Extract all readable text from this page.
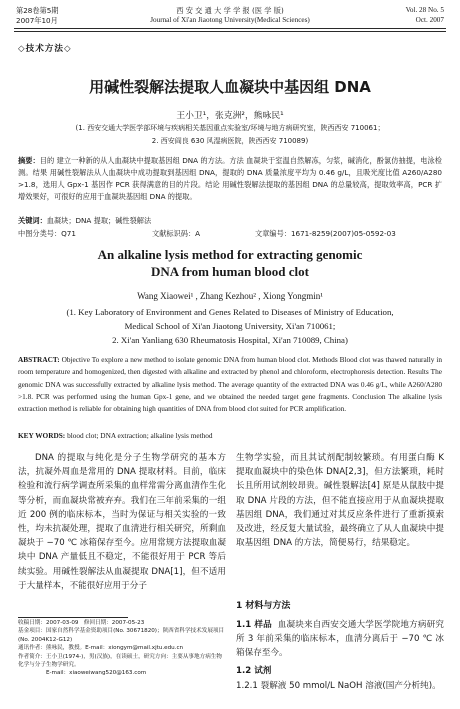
第28卷第5期
2007年10月
西 安 交 通 大 学 学 报 (医 学 版)
Journal of Xi'an Jiaotong University(Medical Sciences)
Vol. 28 No. 5
Oct. 2007
◇技术方法◇
用碱性裂解法提取人血凝块中基因组 DNA
王小卫¹，张克洲²，熊咏民¹
(1. 西安交通大学医学部环境与疾病相关基因重点实验室/环境与地方病研究室，陕西西安 710061；
2. 西安阎良 630 风湿病医院，陕西西安 710089)
摘要：目的 建立一种新的从人血凝块中提取基因组 DNA 的方法。方法 血凝块于室温自然解冻，匀浆，碱消化，酚氯仿抽提，电泳检测。结果 用碱性裂解法从人血凝块中成功提取到基因组 DNA，提取的 DNA 质量浓度平均为 0.46 g/L，且吸光度比值 A260/A280 >1.8，选用人 Gpx-1 基因作 PCR 获得满意的目的片段。结论 用碱性裂解法提取的基因组 DNA 的总量较高，提取效率高，PCR 扩增效果好，可很好的应用于血凝块基因组 DNA 的提取。
关键词：血凝块；DNA 提取；碱性裂解法
中图分类号：Q71	文献标识码：A	文章编号：1671-8259(2007)05-0592-03
An alkaline lysis method for extracting genomic
DNA from human blood clot
Wang Xiaowei¹ , Zhang Kezhou² , Xiong Yongmin¹
(1. Key Laboratory of Environment and Genes Related to Diseases of Ministry of Education,
Medical School of Xi'an Jiaotong University, Xi'an 710061;
2. Xi'an Yanliang 630 Rheumatosis Hospital, Xi'an 710089, China)
ABSTRACT: Objective To explore a new method to isolate genomic DNA from human blood clot. Methods Blood clot was thawed naturally in room temperature and homogenized, then digested with alkaline and extracted by phenol and chloroform, electrophoresis detection. Results The genomic DNA was successfully extracted by alkaline lysis method. The average quantity of the extracted DNA was 0.46 g/L, while A260/A280 >1.8. PCR was performed using the human Gpx-1 gene, and we obtained the needed target gene fragments. Conclusion The alkaline lysis extraction method is reliable for obtaining high quantities of DNA from blood clot suited for PCR amplification.
KEY WORDS: blood clot; DNA extraction; alkaline lysis method
DNA 的提取与纯化是分子生物学研究的基本方法，抗凝外周血是常用的 DNA 提取材料。目前，临床检验和流行病学调查所采集的血样常需分离血清作生化等分析，而血凝块常被弃弃。我们在三年前采集的一组近 200 例的临床标本，当时为保证与相关实验的一致性，均未抗凝处理，提取了血清进行相关研究，所剩血凝块于 −70 ℃ 冰箱保存至今。应用常规方法提取血凝块中 DNA 产量低且不稳定，不能很好用于 PCR 等后续实验。用碱性裂解法从血凝提取 DNA[1]，但不适用于大量样本，不能很好应用于分子
收稿日期：2007-03-09 修回日期：2007-05-23
基金项目：国家自然科学基金资助项目(No. 30671820)；陕西省科学技术发展项目(No. 2004K12-G12)
通讯作者：熊咏民，教授。E-mail：xiongym@mail.xjtu.edu.cn
作者简介：王小卫(1974-)，男(汉族)，在读硕士，研究方向：主要从事地方病生物化学与分子生物学研究。
E-mail：xiaoweiwang520@163.com
生物学实验，而且其试剂配制较繁琐。有用蛋白酶 K 提取血凝块中的染色体 DNA[2,3]，但方法繁琐，耗时长且所用试剂较昂贵。碱性裂解法[4] 原是从鼠肢中提取 DNA 片段的方法，但不能直接应用于从血凝块提取基因组 DNA，我们通过对其反应条件进行了重新摸索及改进，经反复大量试验，最终确立了从人血凝块中提取基因组 DNA 的方法，简便易行，结果稳定。
1 材料与方法
1.1 样品 血凝块来自西安交通大学医学院地方病研究所 3 年前采集的临床标本，血清分离后于 −70 ℃ 冰箱保存至今。
1.2 试剂
1.2.1 裂解液 50 mmol/L NaOH 溶液(国产分析纯)。
